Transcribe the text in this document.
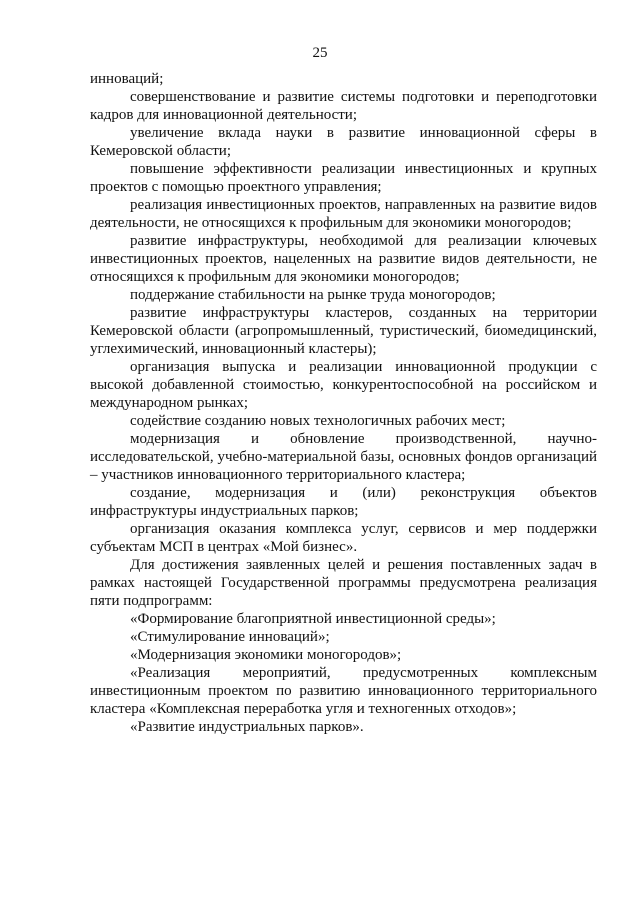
25

инноваций;

совершенствование и развитие системы подготовки и переподготовки кадров для инновационной деятельности;

увеличение вклада науки в развитие инновационной сферы в Кемеровской области;

повышение эффективности реализации инвестиционных и крупных проектов с помощью проектного управления;

реализация инвестиционных проектов, направленных на развитие видов деятельности, не относящихся к профильным для экономики моногородов;

развитие инфраструктуры, необходимой для реализации ключевых инвестиционных проектов, нацеленных на развитие видов деятельности, не относящихся к профильным для экономики моногородов;

поддержание стабильности на рынке труда моногородов;

развитие инфраструктуры кластеров, созданных на территории Кемеровской области (агропромышленный, туристический, биомедицинский, углехимический, инновационный кластеры);

организация выпуска и реализации инновационной продукции с высокой добавленной стоимостью, конкурентоспособной на российском и международном рынках;

содействие созданию новых технологичных рабочих мест;

модернизация и обновление производственной, научно-исследовательской, учебно-материальной базы, основных фондов организаций – участников инновационного территориального кластера;

создание, модернизация и (или) реконструкция объектов инфраструктуры индустриальных парков;

организация оказания комплекса услуг, сервисов и мер поддержки субъектам МСП в центрах «Мой бизнес».

Для достижения заявленных целей и решения поставленных задач в рамках настоящей Государственной программы предусмотрена реализация пяти подпрограмм:

«Формирование благоприятной инвестиционной среды»;

«Стимулирование инноваций»;

«Модернизация экономики моногородов»;

«Реализация мероприятий, предусмотренных комплексным инвестиционным проектом по развитию инновационного территориального кластера «Комплексная переработка угля и техногенных отходов»;

«Развитие индустриальных парков».
